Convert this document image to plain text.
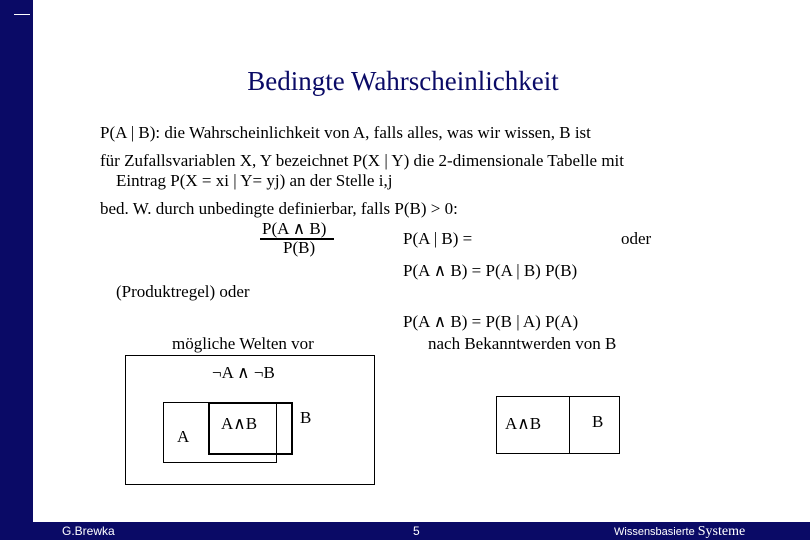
Bedingte Wahrscheinlichkeit
P(A | B): die Wahrscheinlichkeit von A, falls alles, was wir wissen, B ist
für Zufallsvariablen X, Y bezeichnet P(X | Y) die 2-dimensionale Tabelle mit
Eintrag P(X = xi | Y= yj) an der Stelle i,j
bed. W. durch unbedingte definierbar, falls P(B) > 0:
P(A ∧ B)
P(B)	P(A | B) =	oder
P(A ∧ B) = P(A | B) P(B)
(Produktregel) oder
P(A ∧ B) = P(B | A) P(A)
nach Bekanntwerden von B
mögliche Welten vor
¬A ∧ ¬B
A
A∧B	B	A∧B	B
G.Brewka	5	Wissensbasierte Systeme
